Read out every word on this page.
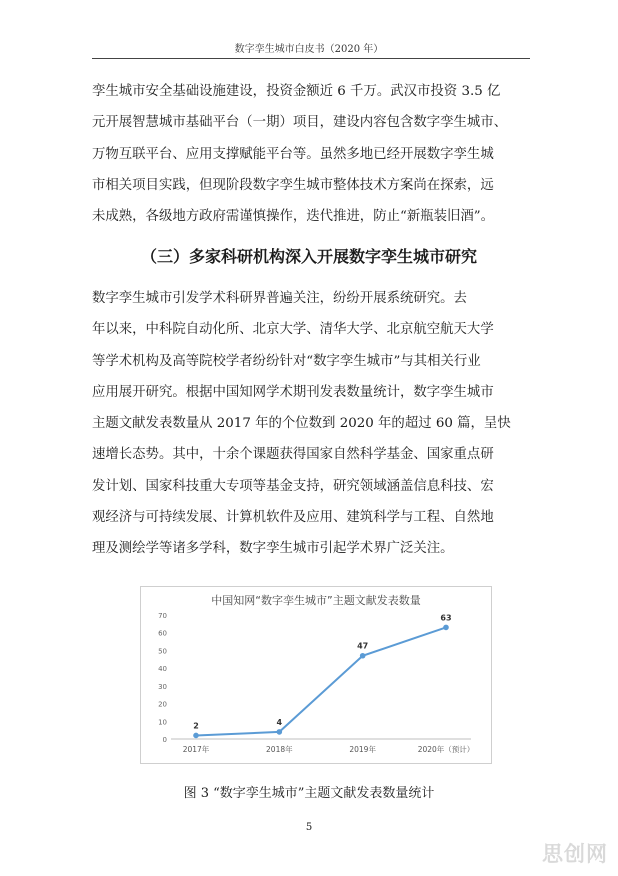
数字孪生城市白皮书（2020 年）
孪生城市安全基础设施建设，投资金额近 6 千万。武汉市投资 3.5 亿
元开展智慧城市基础平台（一期）项目，建设内容包含数字孪生城市、
万物互联平台、应用支撑赋能平台等。虽然多地已经开展数字孪生城
市相关项目实践，但现阶段数字孪生城市整体技术方案尚在探索，远
未成熟，各级地方政府需谨慎操作，迭代推进，防止“新瓶装旧酒”。
（三）多家科研机构深入开展数字孪生城市研究
数字孪生城市引发学术科研界普遍关注，纷纷开展系统研究。去
年以来，中科院自动化所、北京大学、清华大学、北京航空航天大学
等学术机构及高等院校学者纷纷针对“数字孪生城市”与其相关行业
应用展开研究。根据中国知网学术期刊发表数量统计，数字孪生城市
主题文献发表数量从 2017 年的个位数到 2020 年的超过 60 篇，呈快
速增长态势。其中，十余个课题获得国家自然科学基金、国家重点研
发计划、国家科技重大专项等基金支持，研究领域涵盖信息科技、宏
观经济与可持续发展、计算机软件及应用、建筑科学与工程、自然地
理及测绘学等诸多学科，数字孪生城市引起学术界广泛关注。
中国知网“数字孪生城市”主题文献发表数量
0
10
20
30
40
50
60
70
2017年	2018年	2019年	2020年（预计）
2	4
47
63
图 3 “数字孪生城市”主题文献发表数量统计
5
思创网
